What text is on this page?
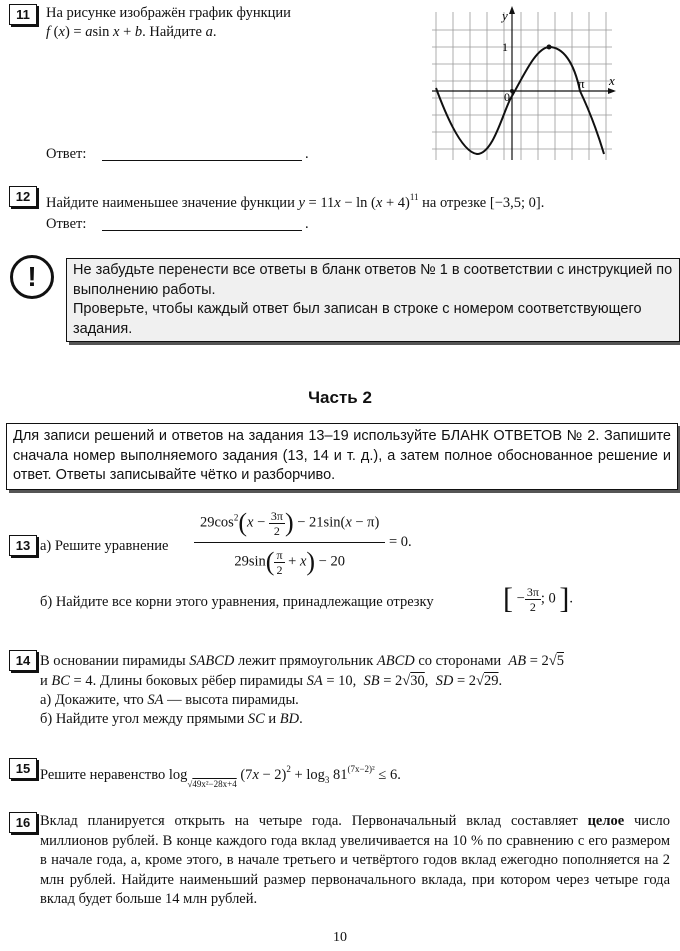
11	На рисунке изображён график функции
f (x) = asin x + b. Найдите a.
Ответ:	.
y
x
1
π
0
12	Найдите наименьшее значение функции $y = 11x - \ln (x + 4)^{11}$ на отрезке [−3,5; 0].
Ответ:	.
!	Не забудьте перенести все ответы в бланк ответов № 1 в соответствии с инструкцией по выполнению работы.
Проверьте, чтобы каждый ответ был записан в строке с номером соответствующего задания.
Часть 2
Для записи решений и ответов на задания 13–19 используйте БЛАНК ОТВЕТОВ № 2. Запишите сначала номер выполняемого задания (13, 14 и т. д.), а затем полное обоснованное решение и ответ. Ответы записывайте чётко и разборчиво.
13 а) Решите уравнение $\frac{29\cos^2(x - \frac{3\pi}{2} ) - 21\sin(x - \pi)}{29\sin( \frac{\pi}{2} + x) - 20} = 0$.
б) Найдите все корни этого уравнения, принадлежащие отрезку [ − $\frac{3\pi}{2}$ ; 0 ].
14 В основании пирамиды SABCD лежит прямоугольник ABCD со сторонами  AB = 2√5
и BC = 4. Длины боковых рёбер пирамиды SA = 10,  SB = 2√30,  SD = 2√29.
а) Докажите, что SA — высота пирамиды.
б) Найдите угол между прямыми SC и BD.
15 Решите неравенство $\log_{√49x^2-28x+4} (7x - 2)^2 + \log_3 81^{(7x-2)^2} \le 6$.
16 Вклад планируется открыть на четыре года. Первоначальный вклад составляет целое число миллионов рублей. В конце каждого года вклад увеличивается на 10 % по сравнению с его размером в начале года, а, кроме этого, в начале третьего и четвёртого годов вклад ежегодно пополняется на 2 млн рублей. Найдите наименьший размер первоначального вклада, при котором через четыре года вклад будет больше 14 млн рублей.
10
